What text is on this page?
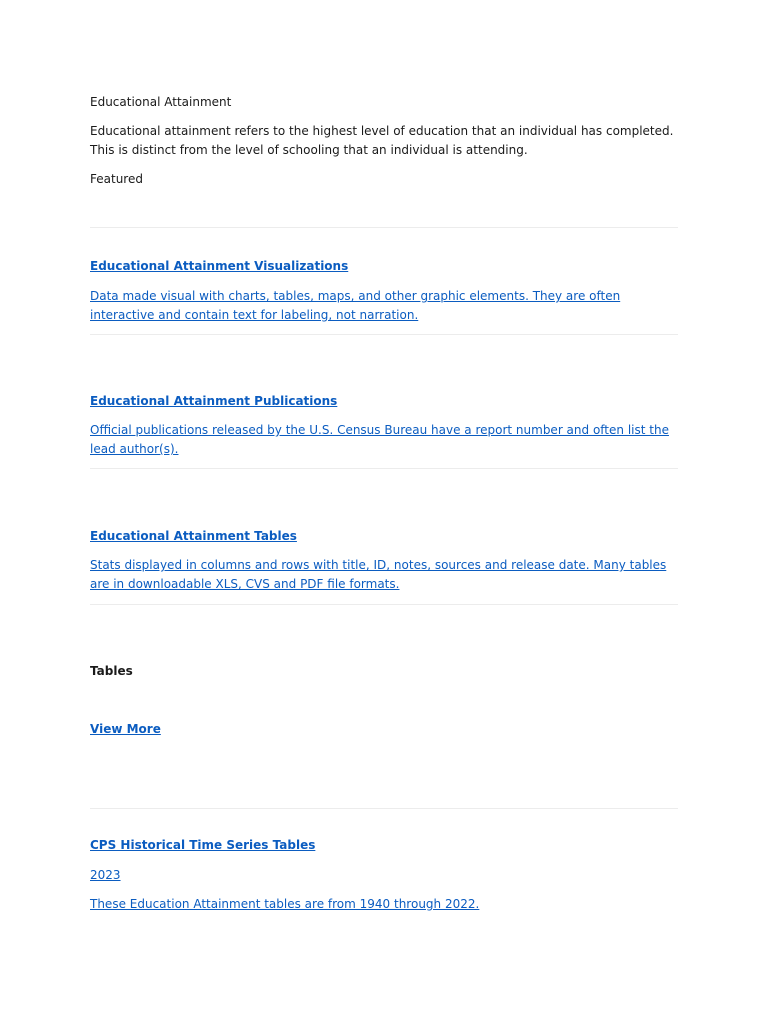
Educational Attainment
Educational attainment refers to the highest level of education that an individual has completed. This is distinct from the level of schooling that an individual is attending.
Featured
Educational Attainment Visualizations
Data made visual with charts, tables, maps, and other graphic elements. They are often interactive and contain text for labeling, not narration.
Educational Attainment Publications
Official publications released by the U.S. Census Bureau have a report number and often list the lead author(s).
Educational Attainment Tables
Stats displayed in columns and rows with title, ID, notes, sources and release date. Many tables are in downloadable XLS, CVS and PDF file formats.
Tables
View More
CPS Historical Time Series Tables
2023
These Education Attainment tables are from 1940 through 2022.
